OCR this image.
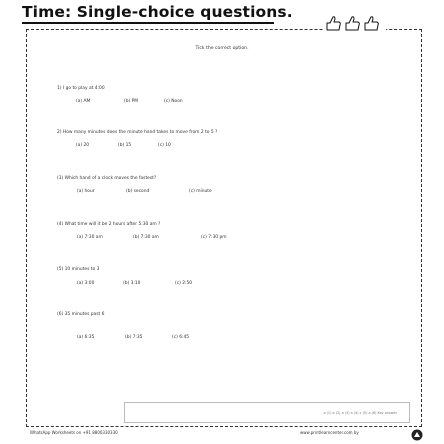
Time: Single-choice questions.
Tick the correct option.
1) I go to play at 4:00
(a) AM	(b) PM	(c) Noon
2) How many minutes does the minute hand takes to move from 2 to 5 ?
(a) 20	(b) 15	(c) 10
(3) Which hand of a clock moves the fastest?
(a) hour	(b) second	(c) minute
(4) What time will it be 2 hours after 5:30 am ?
(a) 7:30 am	(b) 7:30 am	(c) 7:30 pm
(5) 10 minutes to 3
(a) 3:00	(b) 3:10	(c) 2:50
(6) 35 minutes past 6
(a) 6:35	(b) 7:35	(c) 6:45
a (1) b (2) a (3) a (4) c (5) a (6) Key answer
WhatsApp Worksheets on +91 8800330330	www.printlearncenter.com by
